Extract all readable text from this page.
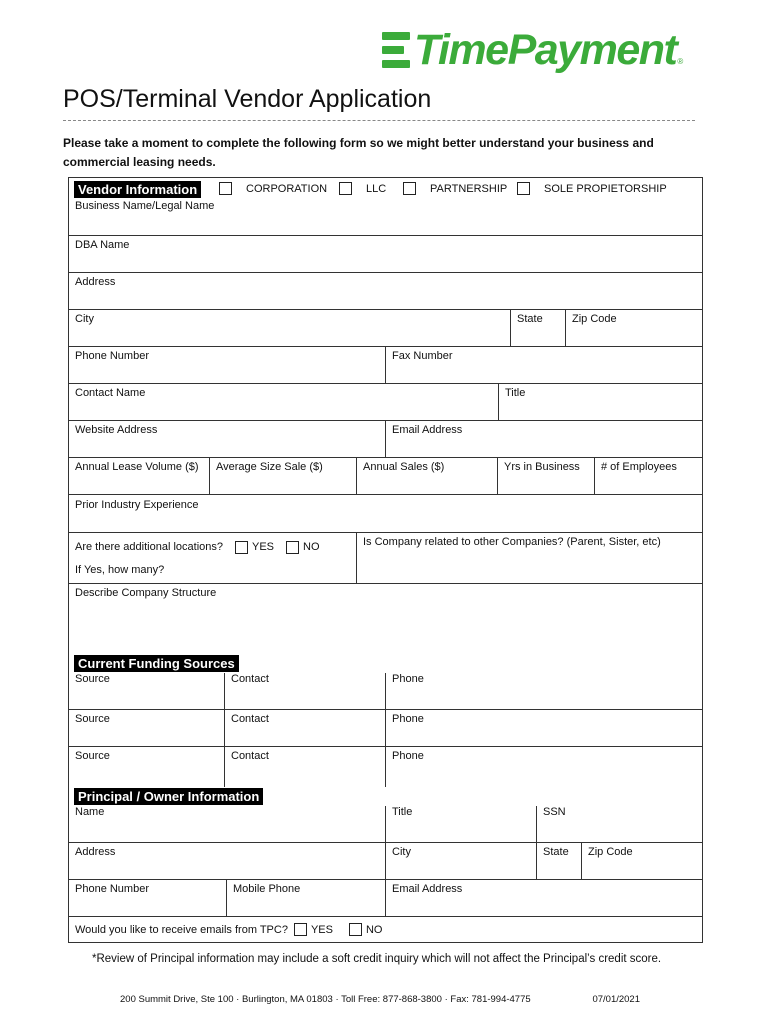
TimePayment ®
POS/Terminal Vendor Application

Please take a moment to complete the following form so we might better understand your business and commercial leasing needs.

Vendor Information	CORPORATION	LLC	PARTNERSHIP	SOLE PROPIETORSHIP
Business Name/Legal Name
DBA Name
Address
City	State	Zip Code
Phone Number	Fax Number
Contact Name	Title
Website Address	Email Address
Annual Lease Volume ($)	Average Size Sale ($)	Annual Sales ($)	Yrs in Business	# of Employees
Prior Industry Experience
Are there additional locations?	YES	NO	Is Company related to other Companies? (Parent, Sister, etc)
If Yes, how many?
Describe Company Structure
Current Funding Sources
Source	Contact	Phone
Source	Contact	Phone
Source	Contact	Phone
Principal / Owner Information
Name	Title	SSN
Address	City	State	Zip Code
Phone Number	Mobile Phone	Email Address
Would you like to receive emails from TPC? YES	NO

*Review of Principal information may include a soft credit inquiry which will not affect the Principal’s credit score.

200 Summit Drive, Ste 100 · Burlington, MA 01803 · Toll Free: 877-868-3800 · Fax: 781-994-4775	07/01/2021
